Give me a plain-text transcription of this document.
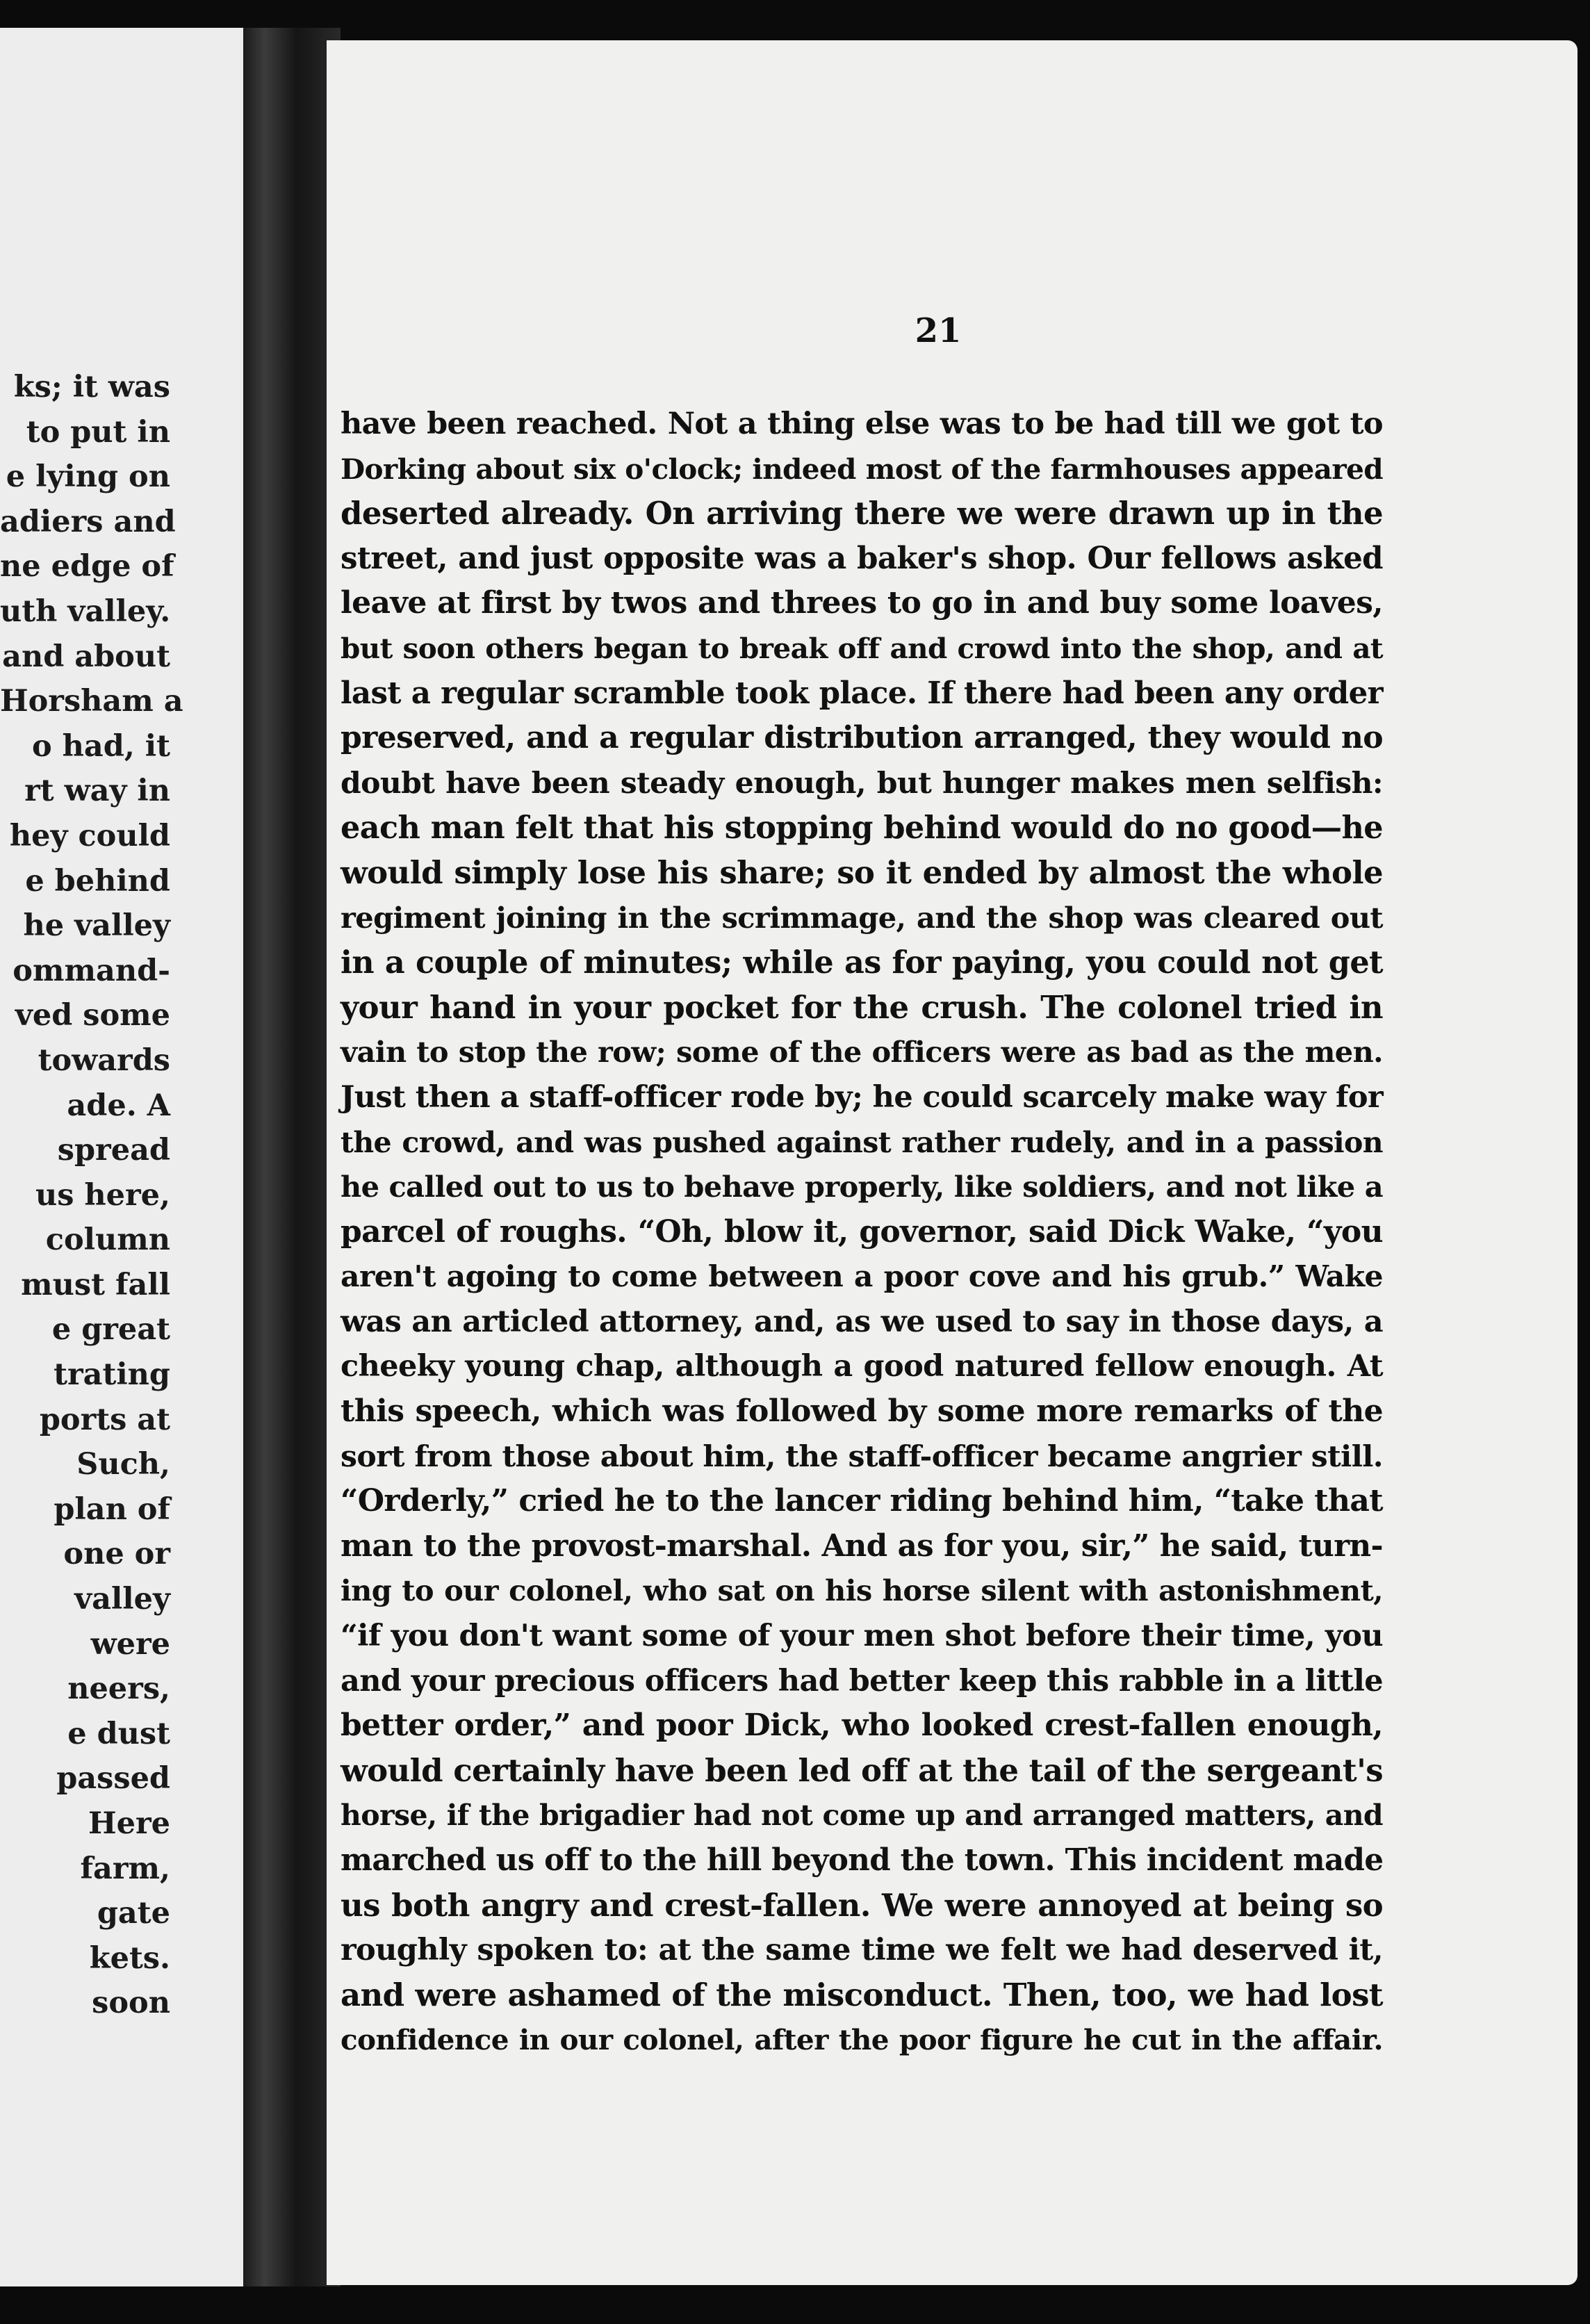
ks; it was
to put in
e lying on
adiers and
ne edge of
uth valley.
and about
Horsham a
o had, it
rt way in
hey could
e behind
he valley
ommand-
ved some
towards
ade. A
spread
us here,
column
must fall
e great
trating
ports at
Such,
plan of
one or
valley
were
neers,
e dust
passed
Here
farm,
gate
kets.
soon
21
have been reached. Not a thing else was to be had till we got to
Dorking about six o'clock; indeed most of the farmhouses appeared
deserted already. On arriving there we were drawn up in the
street, and just opposite was a baker's shop. Our fellows asked
leave at first by twos and threes to go in and buy some loaves,
but soon others began to break off and crowd into the shop, and at
last a regular scramble took place. If there had been any order
preserved, and a regular distribution arranged, they would no
doubt have been steady enough, but hunger makes men selfish:
each man felt that his stopping behind would do no good—he
would simply lose his share; so it ended by almost the whole
regiment joining in the scrimmage, and the shop was cleared out
in a couple of minutes; while as for paying, you could not get
your hand in your pocket for the crush. The colonel tried in
vain to stop the row; some of the officers were as bad as the men.
Just then a staff-officer rode by; he could scarcely make way for
the crowd, and was pushed against rather rudely, and in a passion
he called out to us to behave properly, like soldiers, and not like a
parcel of roughs. “Oh, blow it, governor, said Dick Wake, “you
aren't agoing to come between a poor cove and his grub.” Wake
was an articled attorney, and, as we used to say in those days, a
cheeky young chap, although a good natured fellow enough. At
this speech, which was followed by some more remarks of the
sort from those about him, the staff-officer became angrier still.
“Orderly,” cried he to the lancer riding behind him, “take that
man to the provost-marshal. And as for you, sir,” he said, turn-
ing to our colonel, who sat on his horse silent with astonishment,
“if you don't want some of your men shot before their time, you
and your precious officers had better keep this rabble in a little
better order,” and poor Dick, who looked crest-fallen enough,
would certainly have been led off at the tail of the sergeant's
horse, if the brigadier had not come up and arranged matters, and
marched us off to the hill beyond the town. This incident made
us both angry and crest-fallen. We were annoyed at being so
roughly spoken to: at the same time we felt we had deserved it,
and were ashamed of the misconduct. Then, too, we had lost
confidence in our colonel, after the poor figure he cut in the affair.
